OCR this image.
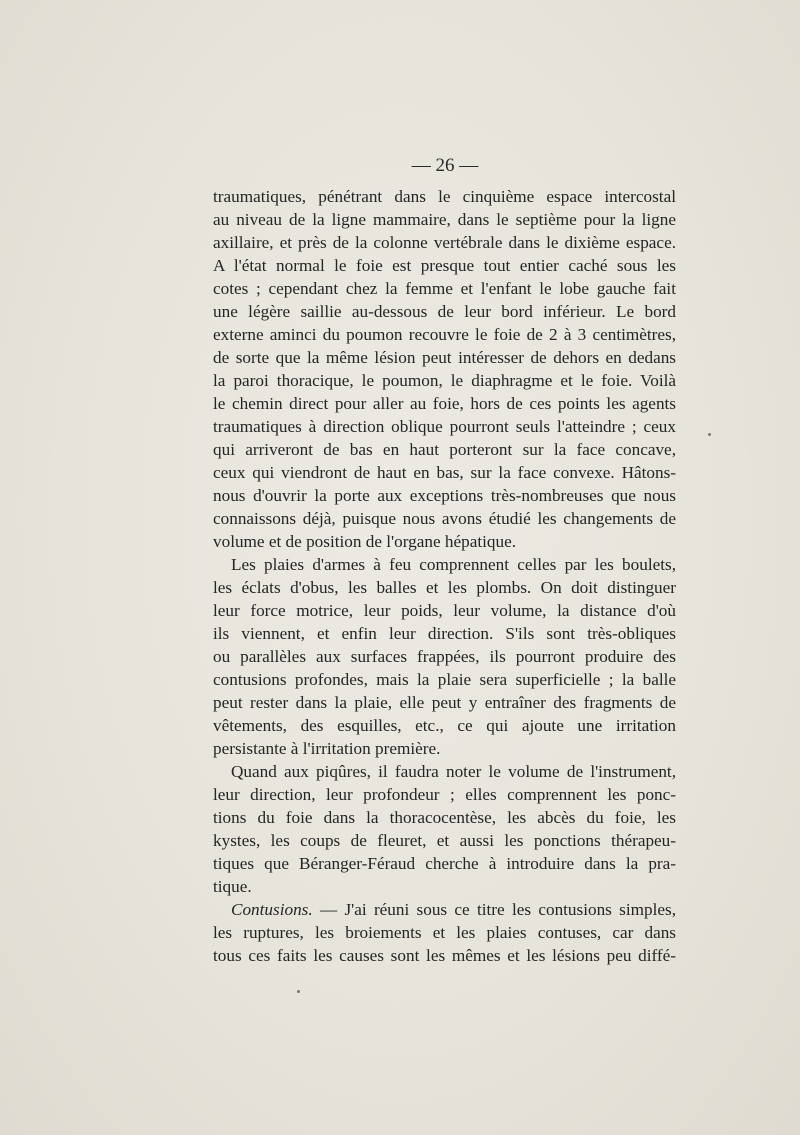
— 26 —
traumatiques, pénétrant dans le cinquième espace intercostal
au niveau de la ligne mammaire, dans le septième pour la ligne
axillaire, et près de la colonne vertébrale dans le dixième espace.
A l'état normal le foie est presque tout entier caché sous les
cotes ; cependant chez la femme et l'enfant le lobe gauche fait
une légère saillie au-dessous de leur bord inférieur. Le bord
externe aminci du poumon recouvre le foie de 2 à 3 centimètres,
de sorte que la même lésion peut intéresser de dehors en dedans
la paroi thoracique, le poumon, le diaphragme et le foie. Voilà
le chemin direct pour aller au foie, hors de ces points les agents
traumatiques à direction oblique pourront seuls l'atteindre ; ceux
qui arriveront de bas en haut porteront sur la face concave,
ceux qui viendront de haut en bas, sur la face convexe. Hâtons-
nous d'ouvrir la porte aux exceptions très-nombreuses que nous
connaissons déjà, puisque nous avons étudié les changements de
volume et de position de l'organe hépatique.
Les plaies d'armes à feu comprennent celles par les boulets,
les éclats d'obus, les balles et les plombs. On doit distinguer
leur force motrice, leur poids, leur volume, la distance d'où
ils viennent, et enfin leur direction. S'ils sont très-obliques
ou parallèles aux surfaces frappées, ils pourront produire des
contusions profondes, mais la plaie sera superficielle ; la balle
peut rester dans la plaie, elle peut y entraîner des fragments de
vêtements, des esquilles, etc., ce qui ajoute une irritation
persistante à l'irritation première.
Quand aux piqûres, il faudra noter le volume de l'instrument,
leur direction, leur profondeur ; elles comprennent les ponc-
tions du foie dans la thoracocentèse, les abcès du foie, les
kystes, les coups de fleuret, et aussi les ponctions thérapeu-
tiques que Béranger-Féraud cherche à introduire dans la pra-
tique.
Contusions. — J'ai réuni sous ce titre les contusions simples,
les ruptures, les broiements et les plaies contuses, car dans
tous ces faits les causes sont les mêmes et les lésions peu diffé-
